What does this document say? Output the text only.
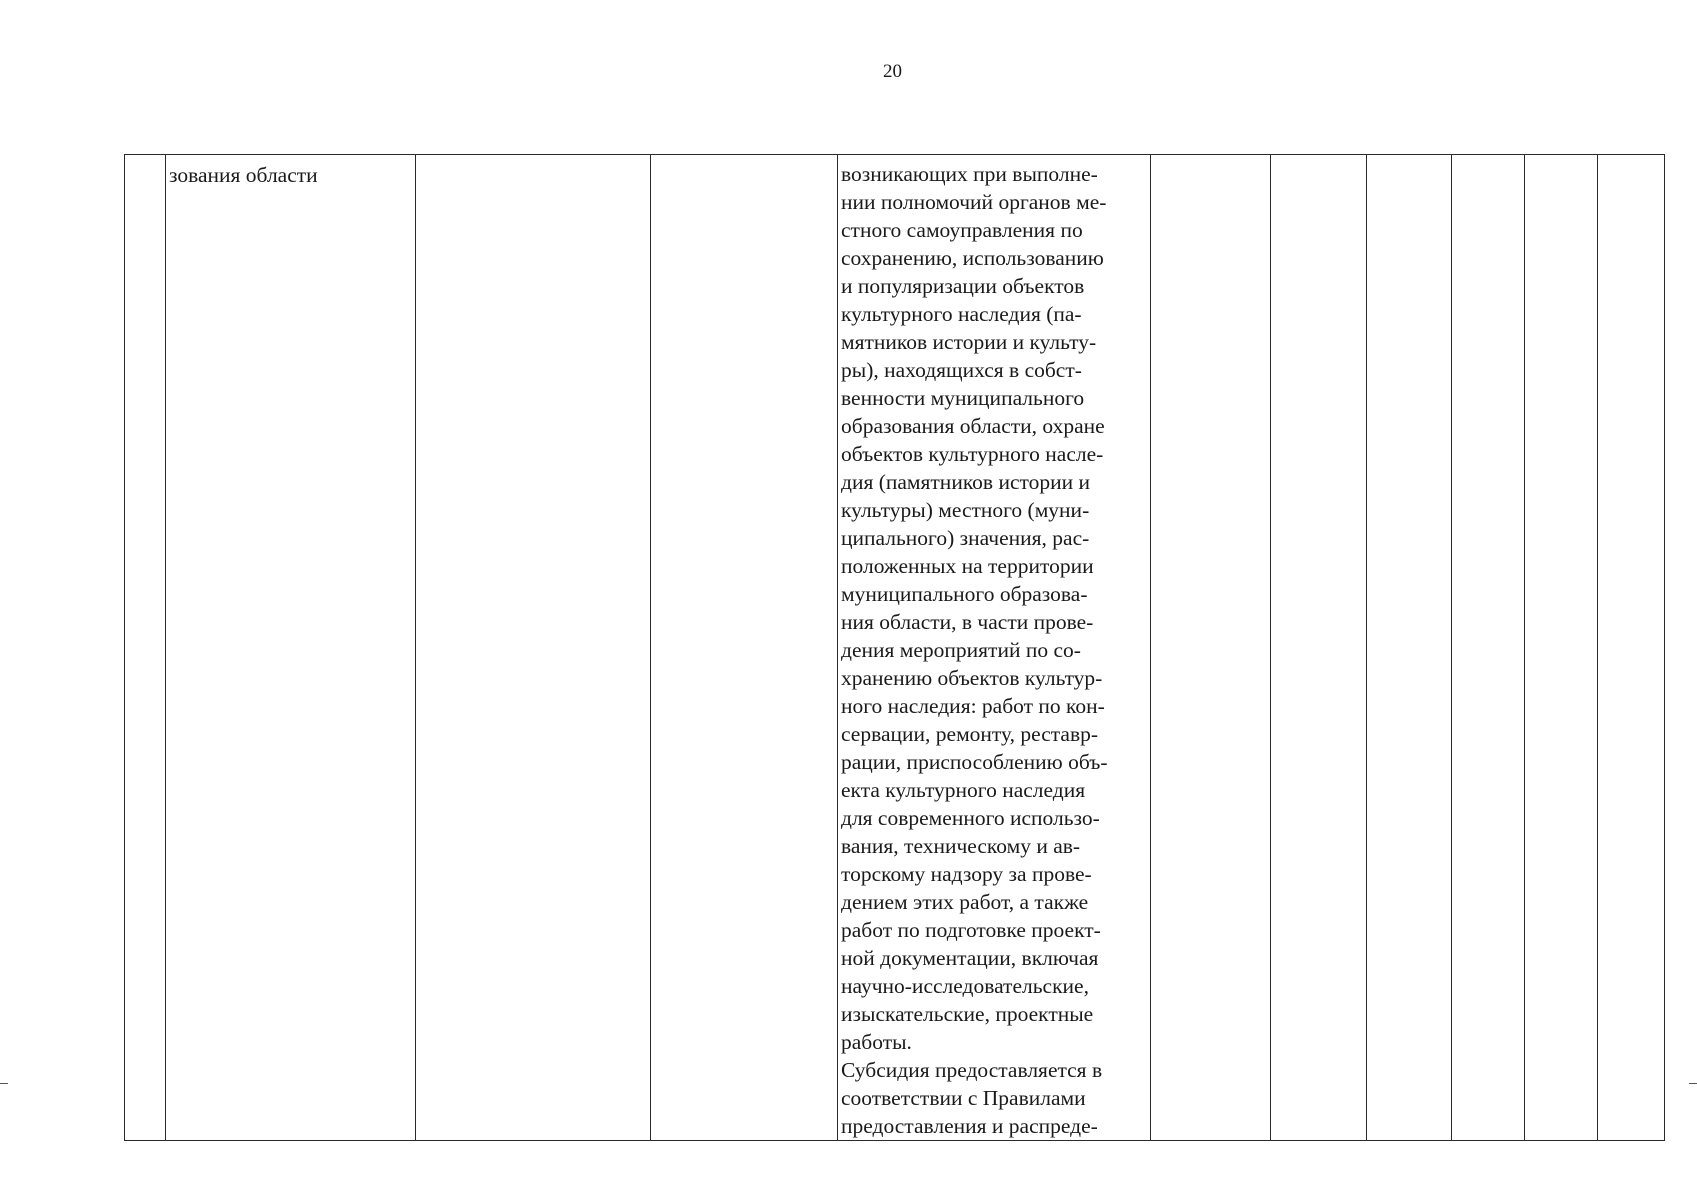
20

зования области			возникающих при выполне-
нии полномочий органов ме-
стного самоуправления по
сохранению, использованию
и популяризации объектов
культурного наследия (па-
мятников истории и культу-
ры), находящихся в собст-
венности муниципального
образования области, охране
объектов культурного насле-
дия (памятников истории и
культуры) местного (муни-
ципального) значения, рас-
положенных на территории
муниципального образова-
ния области, в части прове-
дения мероприятий по со-
хранению объектов культур-
ного наследия: работ по кон-
сервации, ремонту, реставр-
рации, приспособлению объ-
екта культурного наследия
для современного использо-
вания, техническому и ав-
торскому надзору за прове-
дением этих работ, а также
работ по подготовке проект-
ной документации, включая
научно-исследовательские,
изыскательские, проектные
работы.
Субсидия предоставляется в
соответствии с Правилами
предоставления и распреде-
